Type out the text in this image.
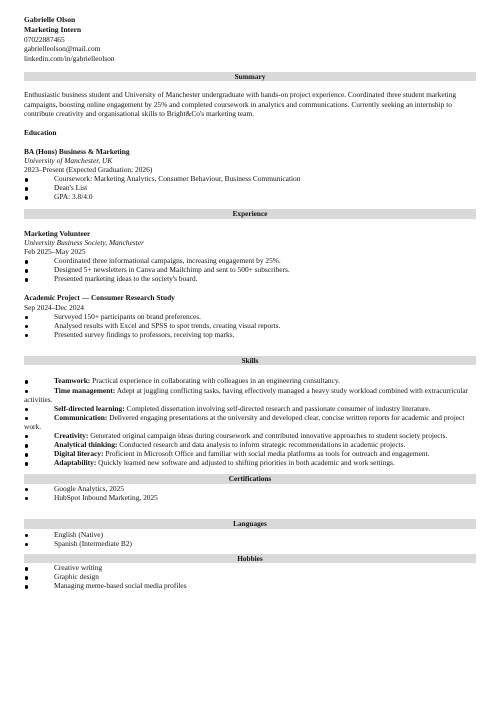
Gabrielle Olson
Marketing Intern
07022887465
gabrielleolson@mail.com
linkedin.com/in/gabrielleolson
Summary

Enthusiastic business student and University of Manchester undergraduate with hands-on project experience. Coordinated three student marketing campaigns, boosting online engagement by 25% and completed coursework in analytics and communications. Currently seeking an internship to contribute creativity and organisational skills to Bright&Co's marketing team.

Education

BA (Hons) Business & Marketing

University of Manchester, UK

2023–Present (Expected Graduation: 2026)

Coursework: Marketing Analytics, Consumer Behaviour, Business Communication
Dean's List
GPA: 3.8/4.0
Experience

Marketing Volunteer

University Business Society, Manchester

Feb 2025–May 2025

Coordinated three informational campaigns, increasing engagement by 25%.
Designed 5+ newsletters in Canva and Mailchimp and sent to 500+ subscribers.
Presented marketing ideas to the society's board.

Academic Project — Consumer Research Study

Sep 2024–Dec 2024

Surveyed 150+ participants on brand preferences.
Analysed results with Excel and SPSS to spot trends, creating visual reports.
Presented survey findings to professors, receiving top marks.
Skills
Teamwork: Practical experience in collaborating with colleagues in an engineering consultancy.
Time management: Adept at juggling conflicting tasks, having effectively managed a heavy study workload combined with extracurricular activities.
Self-directed learning: Completed dissertation involving self-directed research and passionate consumer of industry literature.
Communication: Delivered engaging presentations at the university and developed clear, concise written reports for academic and project work.
Creativity: Generated original campaign ideas during coursework and contributed innovative approaches to student society projects.
Analytical thinking: Conducted research and data analysis to inform strategic recommendations in academic projects.
Digital literacy: Proficient in Microsoft Office and familiar with social media platforms as tools for outreach and engagement.
Adaptability: Quickly learned new software and adjusted to shifting priorities in both academic and work settings.
Certifications
Google Analytics, 2025
HubSpot Inbound Marketing, 2025
Languages
English (Native)
Spanish (Intermediate B2)
Hobbies
Creative writing
Graphic design
Managing meme-based social media profiles
